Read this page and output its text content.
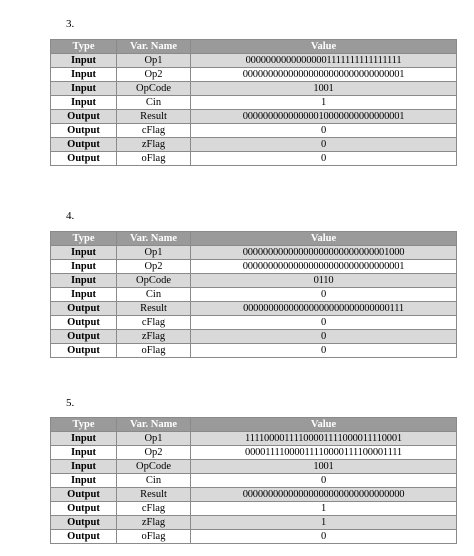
3.
Type	Var. Name	Value
Input	Op1	00000000000000001111111111111111
Input	Op2	00000000000000000000000000000001
Input	OpCode	1001
Input	Cin	1
Output	Result	00000000000000010000000000000001
Output	cFlag	0
Output	zFlag	0
Output	oFlag	0
4.
Type	Var. Name	Value
Input	Op1	00000000000000000000000000001000
Input	Op2	00000000000000000000000000000001
Input	OpCode	0110
Input	Cin	0
Output	Result	00000000000000000000000000000111
Output	cFlag	0
Output	zFlag	0
Output	oFlag	0
5.
Type	Var. Name	Value
Input	Op1	11110000111100001111000011110001
Input	Op2	00001111000011110000111100001111
Input	OpCode	1001
Input	Cin	0
Output	Result	00000000000000000000000000000000
Output	cFlag	1
Output	zFlag	1
Output	oFlag	0
